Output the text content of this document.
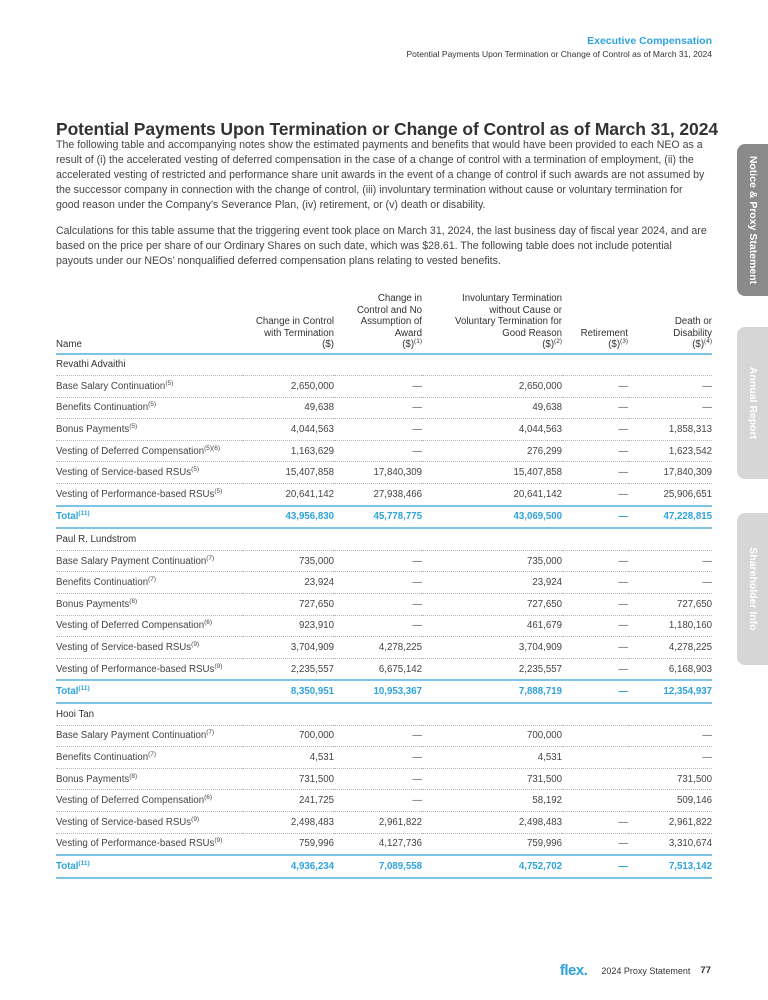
Executive Compensation
Potential Payments Upon Termination or Change of Control as of March 31, 2024
Potential Payments Upon Termination or Change of Control as of March 31, 2024

The following table and accompanying notes show the estimated payments and benefits that would have been provided to each NEO as a result of (i) the accelerated vesting of deferred compensation in the case of a change of control with a termination of employment, (ii) the accelerated vesting of restricted and performance share unit awards in the event of a change of control if such awards are not assumed by the successor company in connection with the change of control, (iii) involuntary termination without cause or voluntary termination for good reason under the Company’s Severance Plan, (iv) retirement, or (v) death or disability.

Calculations for this table assume that the triggering event took place on March 31, 2024, the last business day of fiscal year 2024, and are based on the price per share of our Ordinary Shares on such date, which was $28.61. The following table does not include potential payouts under our NEOs’ nonqualified deferred compensation plans relating to vested benefits.

Name	Change in Control
with Termination
($)	Change in
Control and No
Assumption of
Award
($)$^{(1)}$	Involuntary Termination
without Cause or
Voluntary Termination for
Good Reason
($)$^{(2)}$	Retirement
($)$^{(3)}$	Death or
Disability
($)$^{(4)}$
Revathi Advaithi					
Base Salary Continuation$^{(5)}$	2,650,000	—	2,650,000	—	—
Benefits Continuation$^{(5)}$	49,638	—	49,638	—	—
Bonus Payments$^{(5)}$	4,044,563	—	4,044,563	—	1,858,313
Vesting of Deferred Compensation$^{(5)(6)}$	1,163,629	—	276,299	—	1,623,542
Vesting of Service-based RSUs$^{(5)}$	15,407,858	17,840,309	15,407,858	—	17,840,309
Vesting of Performance-based RSUs$^{(5)}$	20,641,142	27,938,466	20,641,142	—	25,906,651
Total$^{(11)}$	43,956,830	45,778,775	43,069,500	—	47,228,815
Paul R. Lundstrom					
Base Salary Payment Continuation$^{(7)}$	735,000	—	735,000	—	—
Benefits Continuation$^{(7)}$	23,924	—	23,924	—	—
Bonus Payments$^{(8)}$	727,650	—	727,650	—	727,650
Vesting of Deferred Compensation$^{(6)}$	923,910	—	461,679	—	1,180,160
Vesting of Service-based RSUs$^{(9)}$	3,704,909	4,278,225	3,704,909	—	4,278,225
Vesting of Performance-based RSUs$^{(9)}$	2,235,557	6,675,142	2,235,557	—	6,168,903
Total$^{(11)}$	8,350,951	10,953,367	7,888,719	—	12,354,937
Hooi Tan					
Base Salary Payment Continuation$^{(7)}$	700,000	—	700,000		—
Benefits Continuation$^{(7)}$	4,531	—	4,531		—
Bonus Payments$^{(8)}$	731,500	—	731,500		731,500
Vesting of Deferred Compensation$^{(6)}$	241,725	—	58,192		509,146
Vesting of Service-based RSUs$^{(9)}$	2,498,483	2,961,822	2,498,483	—	2,961,822
Vesting of Performance-based RSUs$^{(9)}$	759,996	4,127,736	759,996	—	3,310,674
Total$^{(11)}$	4,936,234	7,089,558	4,752,702	—	7,513,142
Notice & Proxy Statement
Annual Report
Shareholder Info
flex. 2024 Proxy Statement 77
